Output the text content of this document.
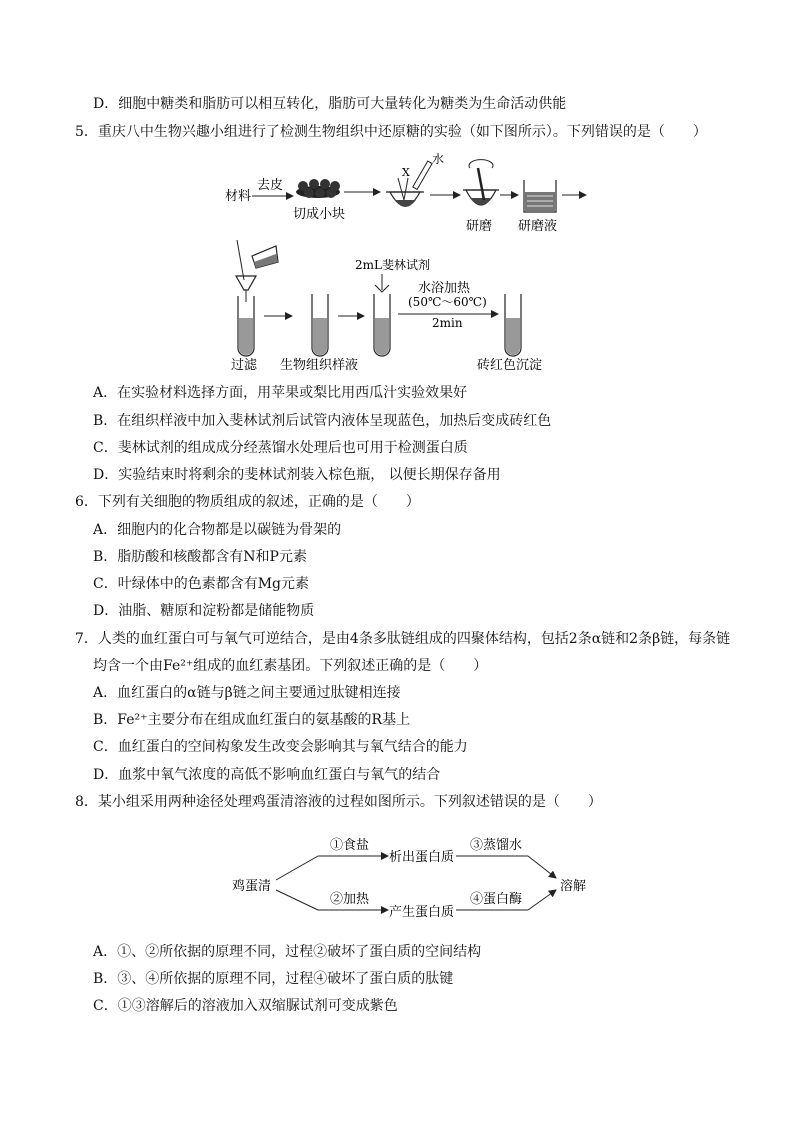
D．细胞中糖类和脂肪可以相互转化，脂肪可大量转化为糖类为生命活动供能
5．重庆八中生物兴趣小组进行了检测生物组织中还原糖的实验（如下图所示）。下列错误的是（　　）
材料
去皮
切成小块
X
水
研磨 研磨液
过滤 生物组织样液
2mL斐林试剂
水浴加热
(50℃～60℃)
2min
砖红色沉淀
A．在实验材料选择方面，用苹果或梨比用西瓜汁实验效果好
B．在组织样液中加入斐林试剂后试管内液体呈现蓝色，加热后变成砖红色
C．斐林试剂的组成成分经蒸馏水处理后也可用于检测蛋白质
D．实验结束时将剩余的斐林试剂装入棕色瓶， 以便长期保存备用
6．下列有关细胞的物质组成的叙述，正确的是（　　）
A．细胞内的化合物都是以碳链为骨架的
B．脂肪酸和核酸都含有N和P元素
C．叶绿体中的色素都含有Mg元素
D．油脂、糖原和淀粉都是储能物质
7．人类的血红蛋白可与氧气可逆结合，是由4条多肽链组成的四聚体结构，包括2条α链和2条β链，每条链
均含一个由Fe²⁺组成的血红素基团。下列叙述正确的是（　　）
A．血红蛋白的α链与β链之间主要通过肽键相连接
B．Fe²⁺主要分布在组成血红蛋白的氨基酸的R基上
C．血红蛋白的空间构象发生改变会影响其与氧气结合的能力
D．血浆中氧气浓度的高低不影响血红蛋白与氧气的结合
8．某小组采用两种途径处理鸡蛋清溶液的过程如图所示。下列叙述错误的是（　　）
鸡蛋清
①食盐
②加热
析出蛋白质
产生蛋白质
③蒸馏水
④蛋白酶
溶解
A．①、②所依据的原理不同，过程②破坏了蛋白质的空间结构
B．③、④所依据的原理不同，过程④破坏了蛋白质的肽键
C．①③溶解后的溶液加入双缩脲试剂可变成紫色
